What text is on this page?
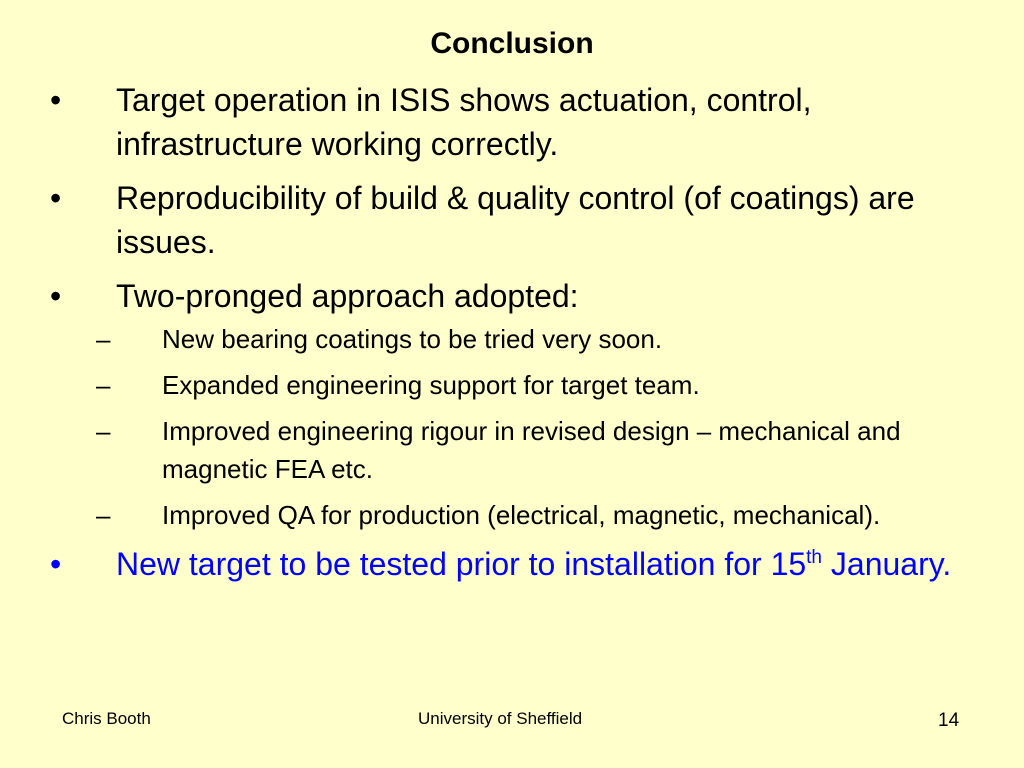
Conclusion
• Target operation in ISIS shows actuation, control, infrastructure working correctly.
• Reproducibility of build & quality control (of coatings) are issues.
• Two-pronged approach adopted:
– New bearing coatings to be tried very soon.
– Expanded engineering support for target team.
– Improved engineering rigour in revised design – mechanical and magnetic FEA etc.
– Improved QA for production (electrical, magnetic, mechanical).
• New target to be tested prior to installation for 15th January.
Chris Booth	University of Sheffield	14
